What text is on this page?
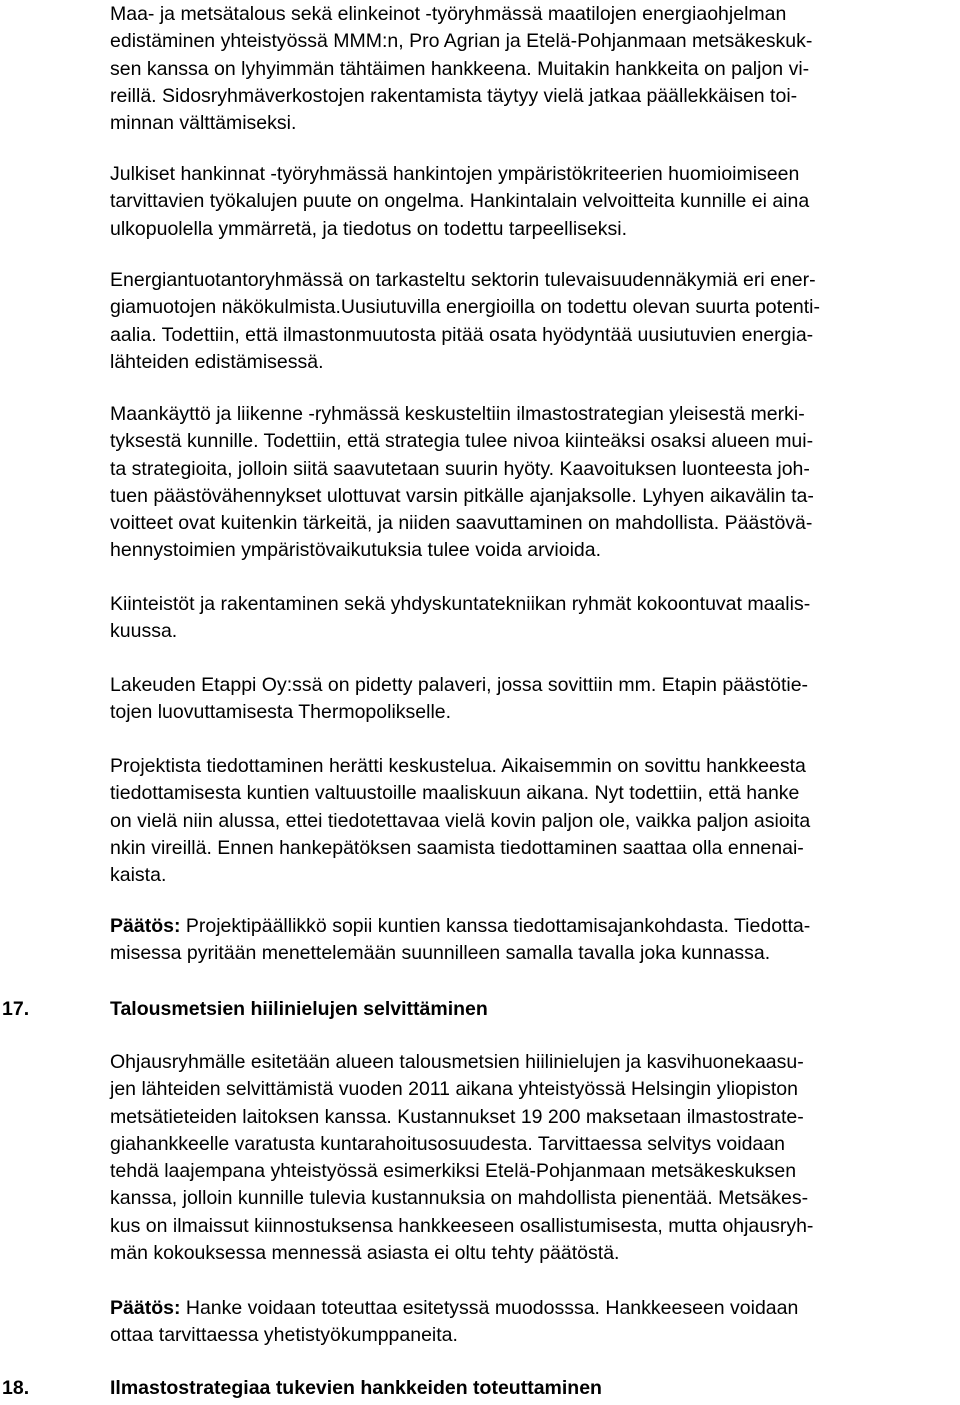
Maa- ja metsätalous sekä elinkeinot -työryhmässä maatilojen energiaohjelman
edistäminen yhteistyössä MMM:n, Pro Agrian ja Etelä-Pohjanmaan metsäkeskuk-
sen kanssa on lyhyimmän tähtäimen hankkeena. Muitakin hankkeita on paljon vi-
reillä. Sidosryhmäverkostojen rakentamista täytyy vielä jatkaa päällekkäisen toi-
minnan välttämiseksi.
Julkiset hankinnat -työryhmässä hankintojen ympäristökriteerien huomioimiseen
tarvittavien työkalujen puute on ongelma. Hankintalain velvoitteita kunnille ei aina
ulkopuolella ymmärretä, ja tiedotus on todettu tarpeelliseksi.
Energiantuotantoryhmässä on tarkasteltu sektorin tulevaisuudennäkymiä eri ener-
giamuotojen näkökulmista.Uusiutuvilla energioilla on todettu olevan suurta potenti-
aalia. Todettiin, että ilmastonmuutosta pitää osata hyödyntää uusiutuvien energia-
lähteiden edistämisessä.
Maankäyttö ja liikenne -ryhmässä keskusteltiin ilmastostrategian yleisestä merki-
tyksestä kunnille. Todettiin, että strategia tulee nivoa kiinteäksi osaksi alueen mui-
ta strategioita, jolloin siitä saavutetaan suurin hyöty. Kaavoituksen luonteesta joh-
tuen päästövähennykset ulottuvat varsin pitkälle ajanjaksolle. Lyhyen aikavälin ta-
voitteet ovat kuitenkin tärkeitä, ja niiden saavuttaminen on mahdollista. Päästövä-
hennystoimien ympäristövaikutuksia tulee voida arvioida.
Kiinteistöt ja rakentaminen sekä yhdyskuntatekniikan ryhmät kokoontuvat maalis-
kuussa.
Lakeuden Etappi Oy:ssä on pidetty palaveri, jossa sovittiin mm. Etapin päästötie-
tojen luovuttamisesta Thermopolikselle.
Projektista tiedottaminen herätti keskustelua. Aikaisemmin on sovittu hankkeesta
tiedottamisesta kuntien valtuustoille maaliskuun aikana. Nyt todettiin, että hanke
on vielä niin alussa, ettei tiedotettavaa vielä kovin paljon ole, vaikka paljon asioita
nkin vireillä. Ennen hankepätöksen saamista tiedottaminen saattaa olla ennenai-
kaista.
Päätös: Projektipäällikkö sopii kuntien kanssa tiedottamisajankohdasta. Tiedotta-
misessa pyritään menettelemään suunnilleen samalla tavalla joka kunnassa.
17.	Talousmetsien hiilinielujen selvittäminen
Ohjausryhmälle esitetään alueen talousmetsien hiilinielujen ja kasvihuonekaasu-
jen lähteiden selvittämistä vuoden 2011 aikana yhteistyössä Helsingin yliopiston
metsätieteiden laitoksen kanssa. Kustannukset 19 200 maksetaan ilmastostrate-
giahankkeelle varatusta kuntarahoitusosuudesta. Tarvittaessa selvitys voidaan
tehdä laajempana yhteistyössä esimerkiksi Etelä-Pohjanmaan metsäkeskuksen
kanssa, jolloin kunnille tulevia kustannuksia on mahdollista pienentää. Metsäkes-
kus on ilmaissut kiinnostuksensa hankkeeseen osallistumisesta, mutta ohjausryh-
män kokouksessa mennessä asiasta ei oltu tehty päätöstä.
Päätös: Hanke voidaan toteuttaa esitetyssä muodosssa. Hankkeeseen voidaan
ottaa tarvittaessa yhetistyökumppaneita.
18.	Ilmastostrategiaa tukevien hankkeiden toteuttaminen
